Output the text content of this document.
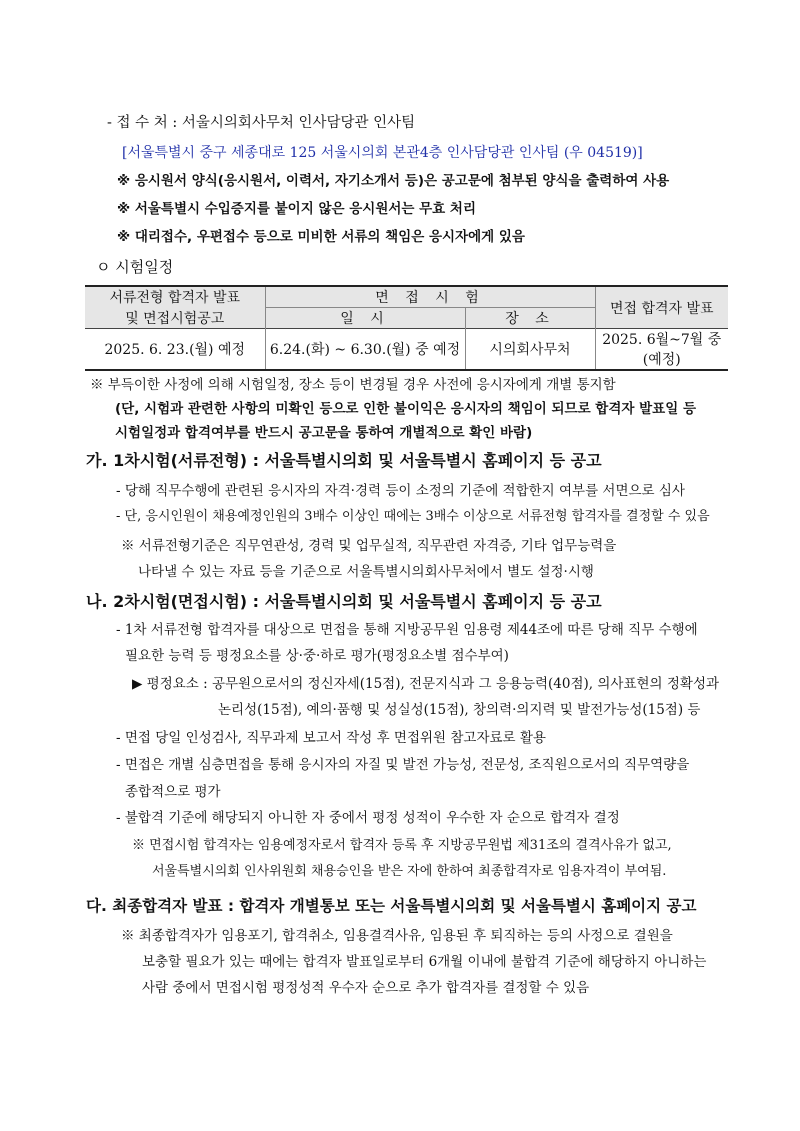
- 접 수 처 : 서울시의회사무처 인사담당관 인사팀
[서울특별시 중구 세종대로 125 서울시의회 본관4층 인사담당관 인사팀 (우 04519)]
※ 응시원서 양식(응시원서, 이력서, 자기소개서 등)은 공고문에 첨부된 양식을 출력하여 사용
※ 서울특별시 수입증지를 붙이지 않은 응시원서는 무효 처리
※ 대리접수, 우편접수 등으로 미비한 서류의 책임은 응시자에게 있음
ㅇ 시험일정
서류전형 합격자 발표	면 접 시 험		면접 합격자 발표
및 면접시험공고	일 시	장 소	
2025. 6. 23.(월) 예정	6.24.(화) ~ 6.30.(월) 중 예정	시의회사무처	2025. 6월~7월 중(예정)
※ 부득이한 사정에 의해 시험일정, 장소 등이 변경될 경우 사전에 응시자에게 개별 통지함
(단, 시험과 관련한 사항의 미확인 등으로 인한 불이익은 응시자의 책임이 되므로 합격자 발표일 등
시험일정과 합격여부를 반드시 공고문을 통하여 개별적으로 확인 바람)
가. 1차시험(서류전형) : 서울특별시의회 및 서울특별시 홈페이지 등 공고
- 당해 직무수행에 관련된 응시자의 자격·경력 등이 소정의 기준에 적합한지 여부를 서면으로 심사
- 단, 응시인원이 채용예정인원의 3배수 이상인 때에는 3배수 이상으로 서류전형 합격자를 결정할 수 있음
※ 서류전형기준은 직무연관성, 경력 및 업무실적, 직무관련 자격증, 기타 업무능력을
나타낼 수 있는 자료 등을 기준으로 서울특별시의회사무처에서 별도 설정·시행
나. 2차시험(면접시험) : 서울특별시의회 및 서울특별시 홈페이지 등 공고
- 1차 서류전형 합격자를 대상으로 면접을 통해 지방공무원 임용령 제44조에 따른 당해 직무 수행에
필요한 능력 등 평정요소를 상·중·하로 평가(평정요소별 점수부여)
▶ 평정요소 : 공무원으로서의 정신자세(15점), 전문지식과 그 응용능력(40점), 의사표현의 정확성과
논리성(15점), 예의·품행 및 성실성(15점), 창의력·의지력 및 발전가능성(15점) 등
- 면접 당일 인성검사, 직무과제 보고서 작성 후 면접위원 참고자료로 활용
- 면접은 개별 심층면접을 통해 응시자의 자질 및 발전 가능성, 전문성, 조직원으로서의 직무역량을
종합적으로 평가
- 불합격 기준에 해당되지 아니한 자 중에서 평정 성적이 우수한 자 순으로 합격자 결정
※ 면접시험 합격자는 임용예정자로서 합격자 등록 후 지방공무원법 제31조의 결격사유가 없고,
서울특별시의회 인사위원회 채용승인을 받은 자에 한하여 최종합격자로 임용자격이 부여됨.
다. 최종합격자 발표 : 합격자 개별통보 또는 서울특별시의회 및 서울특별시 홈페이지 공고
※ 최종합격자가 임용포기, 합격취소, 임용결격사유, 임용된 후 퇴직하는 등의 사정으로 결원을
보충할 필요가 있는 때에는 합격자 발표일로부터 6개월 이내에 불합격 기준에 해당하지 아니하는
사람 중에서 면접시험 평정성적 우수자 순으로 추가 합격자를 결정할 수 있음
